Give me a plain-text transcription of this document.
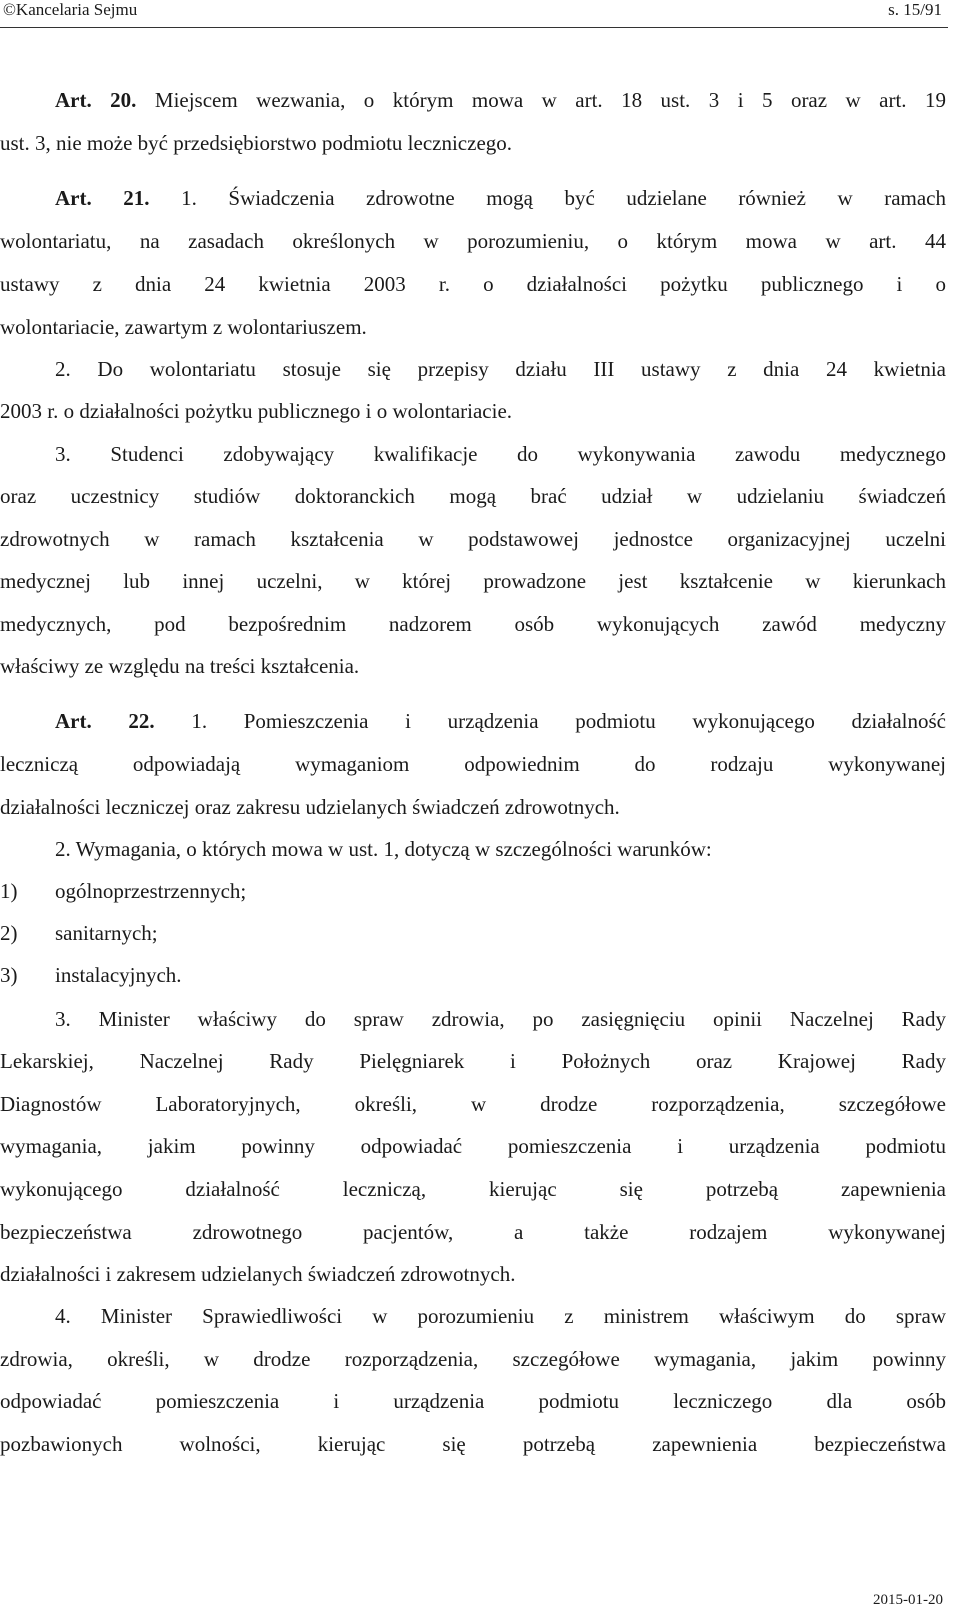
©Kancelaria Sejmu	s. 15/91
Art. 20. Miejscem wezwania, o którym mowa w art. 18 ust. 3 i 5 oraz w art. 19
ust. 3, nie może być przedsiębiorstwo podmiotu leczniczego.
Art. 21. 1. Świadczenia zdrowotne mogą być udzielane również w ramach
wolontariatu, na zasadach określonych w porozumieniu, o którym mowa w art. 44
ustawy z dnia 24 kwietnia 2003 r. o działalności pożytku publicznego i o
wolontariacie, zawartym z wolontariuszem.
2. Do wolontariatu stosuje się przepisy działu III ustawy z dnia 24 kwietnia
2003 r. o działalności pożytku publicznego i o wolontariacie.
3. Studenci zdobywający kwalifikacje do wykonywania zawodu medycznego
oraz uczestnicy studiów doktoranckich mogą brać udział w udzielaniu świadczeń
zdrowotnych w ramach kształcenia w podstawowej jednostce organizacyjnej uczelni
medycznej lub innej uczelni, w której prowadzone jest kształcenie w kierunkach
medycznych, pod bezpośrednim nadzorem osób wykonujących zawód medyczny
właściwy ze względu na treści kształcenia.
Art. 22. 1. Pomieszczenia i urządzenia podmiotu wykonującego działalność
leczniczą odpowiadają wymaganiom odpowiednim do rodzaju wykonywanej
działalności leczniczej oraz zakresu udzielanych świadczeń zdrowotnych.
2. Wymagania, o których mowa w ust. 1, dotyczą w szczególności warunków:
1) ogólnoprzestrzennych;
2) sanitarnych;
3) instalacyjnych.
3. Minister właściwy do spraw zdrowia, po zasięgnięciu opinii Naczelnej Rady
Lekarskiej, Naczelnej Rady Pielęgniarek i Położnych oraz Krajowej Rady
Diagnostów Laboratoryjnych, określi, w drodze rozporządzenia, szczegółowe
wymagania, jakim powinny odpowiadać pomieszczenia i urządzenia podmiotu
wykonującego działalność leczniczą, kierując się potrzebą zapewnienia
bezpieczeństwa zdrowotnego pacjentów, a także rodzajem wykonywanej
działalności i zakresem udzielanych świadczeń zdrowotnych.
4. Minister Sprawiedliwości w porozumieniu z ministrem właściwym do spraw
zdrowia, określi, w drodze rozporządzenia, szczegółowe wymagania, jakim powinny
odpowiadać pomieszczenia i urządzenia podmiotu leczniczego dla osób
pozbawionych wolności, kierując się potrzebą zapewnienia bezpieczeństwa
2015-01-20
